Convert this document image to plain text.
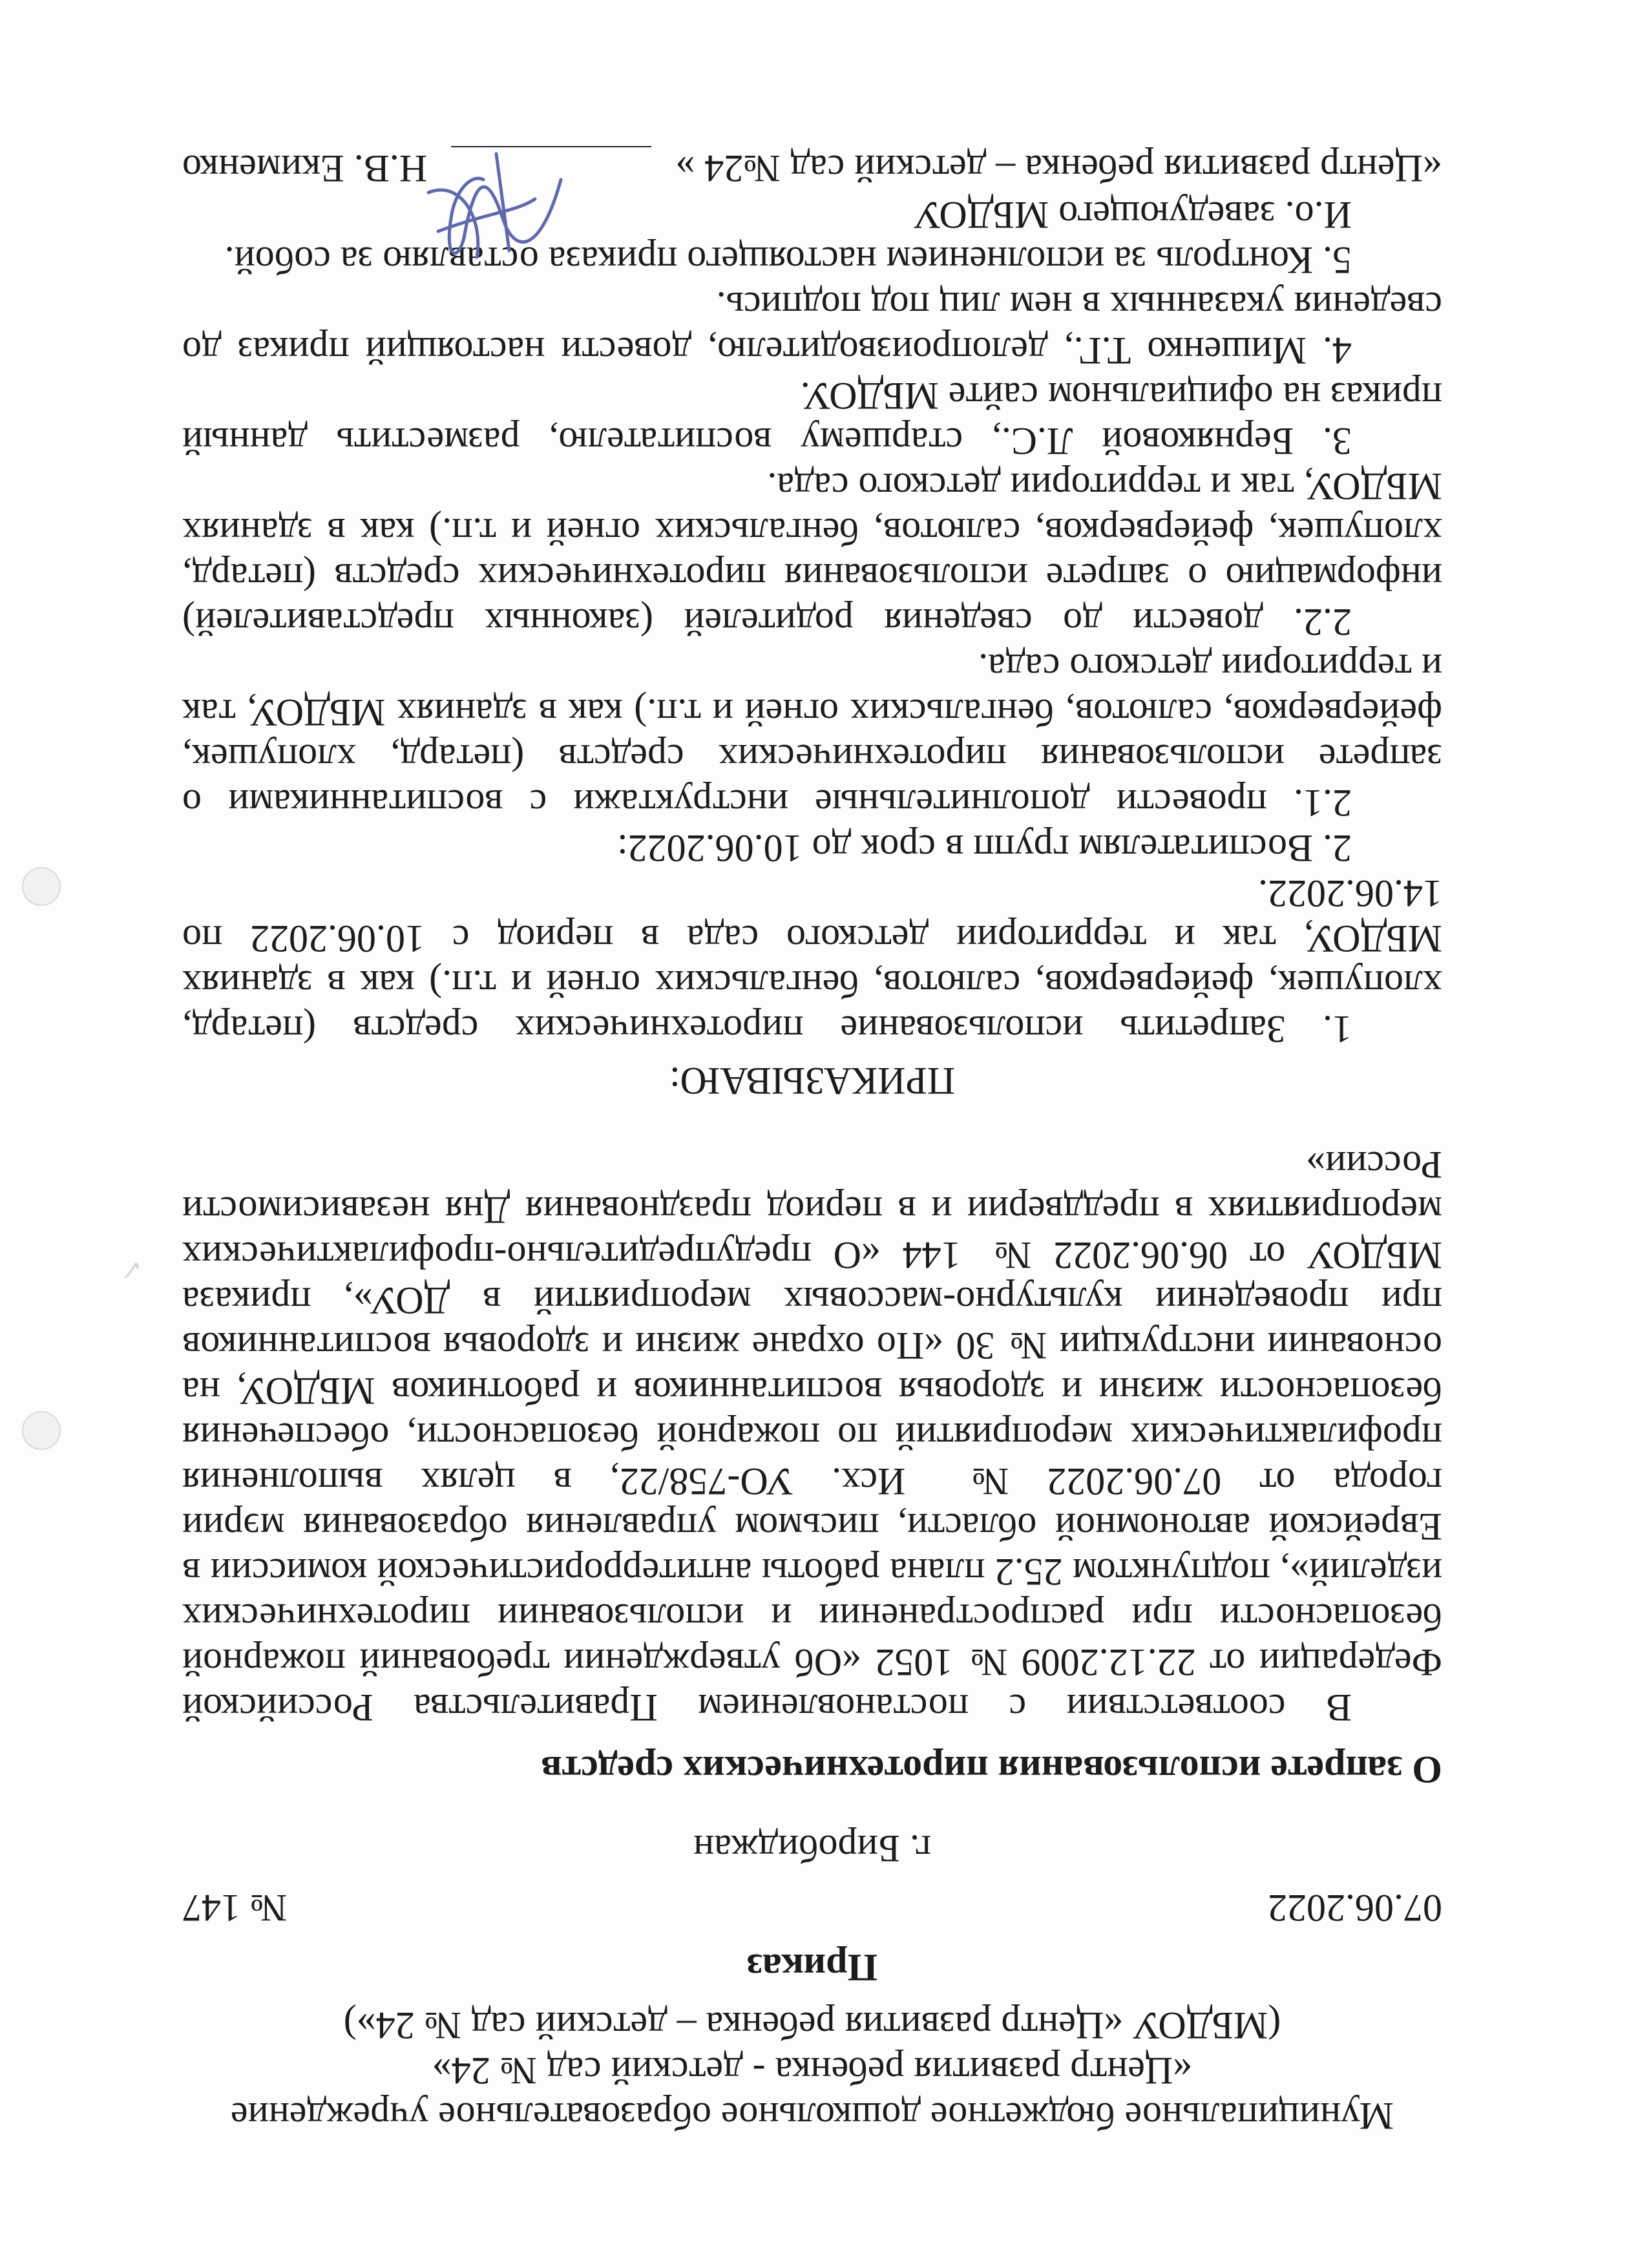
✓

Муниципальное бюджетное дошкольное образовательное учреждение

«Центр развития ребенка - детский сад № 24»

(МБДОУ «Центр развития ребенка – детский сад № 24»)

Приказ
07.06.2022
№ 147
г. Биробиджан
О запрете использования пиротехнических средств

В соответствии с постановлением Правительства Российской Федерации от 22.12.2009 № 1052 «Об утверждении требований пожарной безопасности при распространении и использовании пиротехнических изделий», подпунктом 25.2 плана работы антитеррористической комиссии в Еврейской автономной области, письмом управления образования мэрии города от 07.06.2022 № Исх. УО-758/22, в целях выполнения профилактических мероприятий по пожарной безопасности, обеспечения безопасности жизни и здоровья воспитанников и работников МБДОУ, на основании инструкции № 30 «По охране жизни и здоровья воспитанников при проведении культурно-массовых мероприятий в ДОУ», приказа МБДОУ от 06.06.2022 № 144 «О предупредительно-профилактических мероприятиях в преддверии и в период празднования Дня независимости России»

ПРИКАЗЫВАЮ:

1. Запретить использование пиротехнических средств (петард, хлопушек, фейерверков, салютов, бенгальских огней и т.п.) как в зданиях МБДОУ, так и территории детского сада в период с 10.06.2022 по 14.06.2022.

2. Воспитателям групп в срок до 10.06.2022:

2.1. провести дополнительные инструктажи с воспитанниками о запрете использования пиротехнических средств (петард, хлопушек, фейерверков, салютов, бенгальских огней и т.п.) как в зданиях МБДОУ, так и территории детского сада.

2.2. довести до сведения родителей (законных представителей) информацию о запрете использования пиротехнических средств (петард, хлопушек, фейерверков, салютов, бенгальских огней и т.п.) как в зданиях МБДОУ, так и территории детского сада.

3. Берняковой Л.С., старшему воспитателю, разместить данный приказ на официальном сайте МБДОУ.

4. Мишенко Т.Г., делопроизводителю, довести настоящий приказ до сведения указанных в нем лиц под подпись.

5. Контроль за исполнением настоящего приказа оставляю за собой.

И.о. заведующего МБДОУ
«Центр развития ребенка – детский сад №24 »
Н.В. Екименко
